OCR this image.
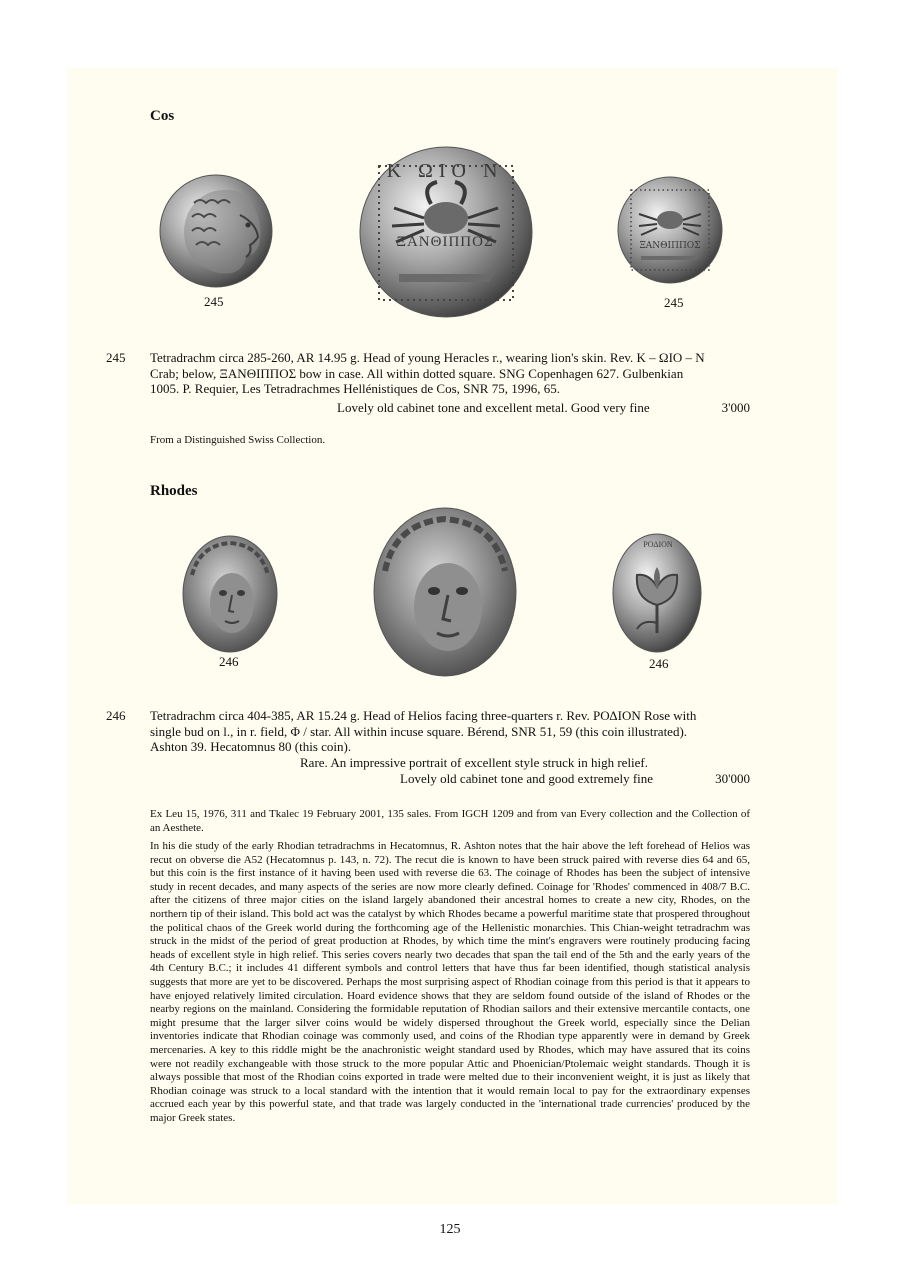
Cos
Κ ΩΙΟ Ν
ΞΑΝΘΙΠΠΟΣ	ΞΑΝΘΙΠΠΟΣ
245	245
245 Tetradrachm circa 285-260, AR 14.95 g. Head of young Heracles r., wearing lion's skin. Rev. Κ – ΩΙΟ – Ν
Crab; below, ΞΑΝΘΙΠΠΟΣ bow in case. All within dotted square. SNG Copenhagen 627. Gulbenkian
1005. P. Requier, Les Tetradrachmes Hellénistiques de Cos, SNR 75, 1996, 65.
Lovely old cabinet tone and excellent metal. Good very fine	3'000
From a Distinguished Swiss Collection.
Rhodes
ΡΟΔΙΟΝ
246	246
246 Tetradrachm circa 404-385, AR 15.24 g. Head of Helios facing three-quarters r. Rev. ΡΟΔΙΟΝ Rose with
single bud on l., in r. field, Φ / star. All within incuse square. Bérend, SNR 51, 59 (this coin illustrated).
Ashton 39. Hecatomnus 80 (this coin).
Rare. An impressive portrait of excellent style struck in high relief.
Lovely old cabinet tone and good extremely fine	30'000
Ex Leu 15, 1976, 311 and Tkalec 19 February 2001, 135 sales. From IGCH 1209 and from van Every collection and the Collection of an Aesthete.
In his die study of the early Rhodian tetradrachms in Hecatomnus, R. Ashton notes that the hair above the left forehead of Helios was recut on obverse die A52 (Hecatomnus p. 143, n. 72). The recut die is known to have been struck paired with reverse dies 64 and 65, but this coin is the first instance of it having been used with reverse die 63. The coinage of Rhodes has been the subject of intensive study in recent decades, and many aspects of the series are now more clearly defined. Coinage for 'Rhodes' commenced in 408/7 B.C. after the citizens of three major cities on the island largely abandoned their ancestral homes to create a new city, Rhodes, on the northern tip of their island. This bold act was the catalyst by which Rhodes became a powerful maritime state that prospered throughout the political chaos of the Greek world during the forthcoming age of the Hellenistic monarchies. This Chian-weight tetradrachm was struck in the midst of the period of great production at Rhodes, by which time the mint's engravers were routinely producing facing heads of excellent style in high relief. This series covers nearly two decades that span the tail end of the 5th and the early years of the 4th Century B.C.; it includes 41 different symbols and control letters that have thus far been identified, though statistical analysis suggests that more are yet to be discovered. Perhaps the most surprising aspect of Rhodian coinage from this period is that it appears to have enjoyed relatively limited circulation. Hoard evidence shows that they are seldom found outside of the island of Rhodes or the nearby regions on the mainland. Considering the formidable reputation of Rhodian sailors and their extensive mercantile contacts, one might presume that the larger silver coins would be widely dispersed throughout the Greek world, especially since the Delian inventories indicate that Rhodian coinage was commonly used, and coins of the Rhodian type apparently were in demand by Greek mercenaries. A key to this riddle might be the anachronistic weight standard used by Rhodes, which may have assured that its coins were not readily exchangeable with those struck to the more popular Attic and Phoenician/Ptolemaic weight standards. Though it is always possible that most of the Rhodian coins exported in trade were melted due to their inconvenient weight, it is just as likely that Rhodian coinage was struck to a local standard with the intention that it would remain local to pay for the extraordinary expenses accrued each year by this powerful state, and that trade was largely conducted in the 'international trade currencies' produced by the major Greek states.
125
